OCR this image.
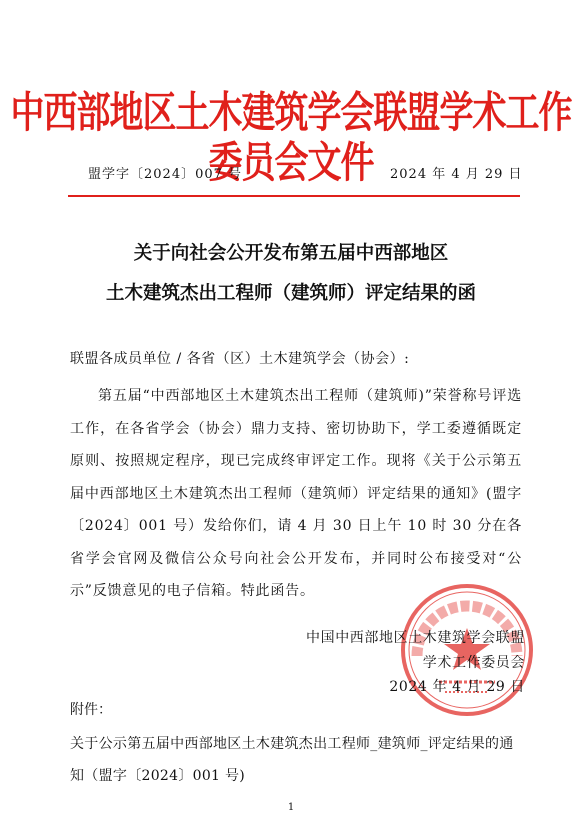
中西部地区土木建筑学会联盟学术工作委员会文件
盟学字〔2024〕007 号	2024 年 4 月 29 日
关于向社会公开发布第五届中西部地区
土木建筑杰出工程师（建筑师）评定结果的函
联盟各成员单位 / 各省（区）土木建筑学会（协会）:
第五届“中西部地区土木建筑杰出工程师（建筑师)”荣誉称号评选工作，在各省学会（协会）鼎力支持、密切协助下，学工委遵循既定原则、按照规定程序，现已完成终审评定工作。现将《关于公示第五届中西部地区土木建筑杰出工程师（建筑师）评定结果的通知》(盟字〔2024〕001 号）发给你们，请 4 月 30 日上午 10 时 30 分在各省学会官网及微信公众号向社会公开发布，并同时公布接受对“公示”反馈意见的电子信箱。特此函告。
中国中西部地区土木建筑学会联盟
学术工作委员会
2024 年 4 月 29 日
附件：
关于公示第五届中西部地区土木建筑杰出工程师_建筑师_评定结果的通知（盟字〔2024〕001 号)
1
